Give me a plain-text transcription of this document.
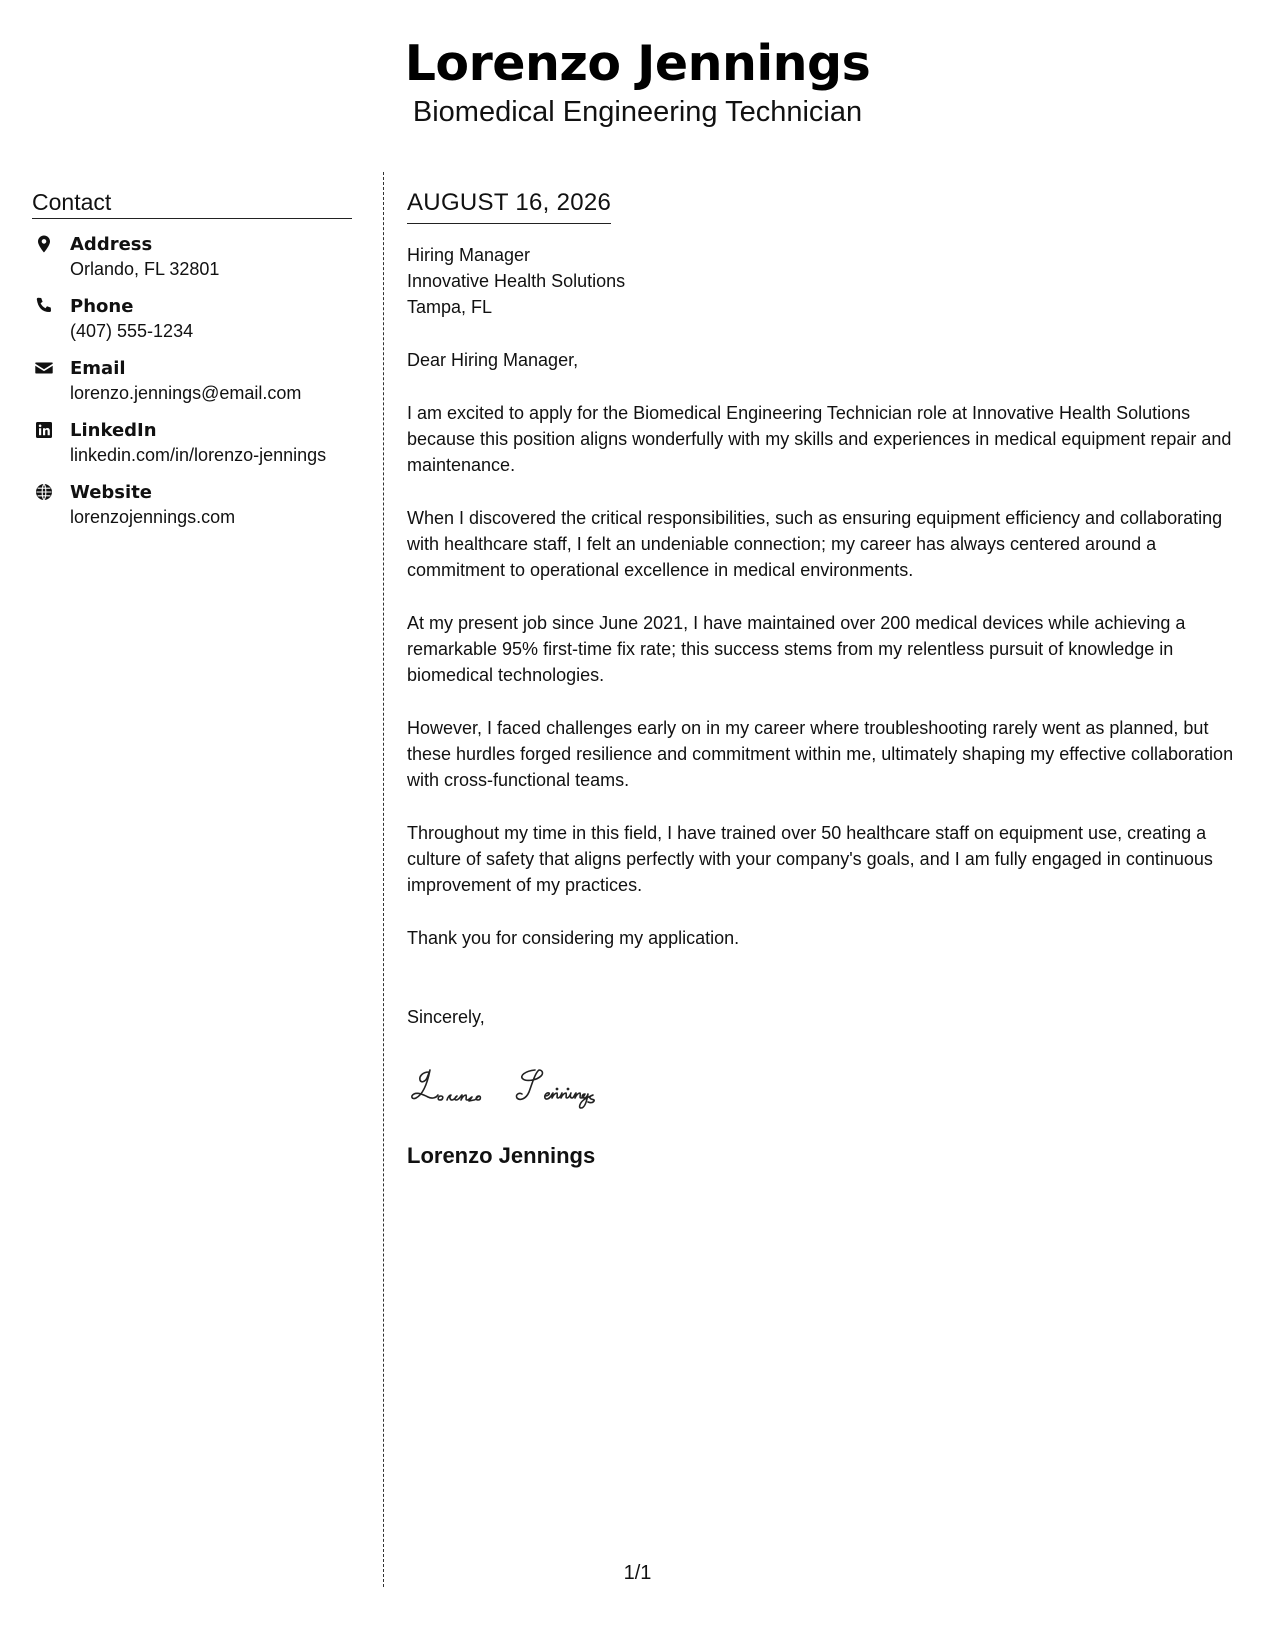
Lorenzo Jennings
Biomedical Engineering Technician
Contact
Address
Orlando, FL 32801
Phone
(407) 555-1234
Email
lorenzo.jennings@email.com
LinkedIn
linkedin.com/in/lorenzo-jennings
Website
lorenzojennings.com
AUGUST 16, 2026
Hiring Manager
Innovative Health Solutions
Tampa, FL
Dear Hiring Manager,
I am excited to apply for the Biomedical Engineering Technician role at Innovative Health Solutions because this position aligns wonderfully with my skills and experiences in medical equipment repair and maintenance.
When I discovered the critical responsibilities, such as ensuring equipment efficiency and collaborating with healthcare staff, I felt an undeniable connection; my career has always centered around a commitment to operational excellence in medical environments.
At my present job since June 2021, I have maintained over 200 medical devices while achieving a remarkable 95% first-time fix rate; this success stems from my relentless pursuit of knowledge in biomedical technologies.
However, I faced challenges early on in my career where troubleshooting rarely went as planned, but these hurdles forged resilience and commitment within me, ultimately shaping my effective collaboration with cross-functional teams.
Throughout my time in this field, I have trained over 50 healthcare staff on equipment use, creating a culture of safety that aligns perfectly with your company's goals, and I am fully engaged in continuous improvement of my practices.
Thank you for considering my application.
Sincerely,
Lorenzo Jennings
1/1
